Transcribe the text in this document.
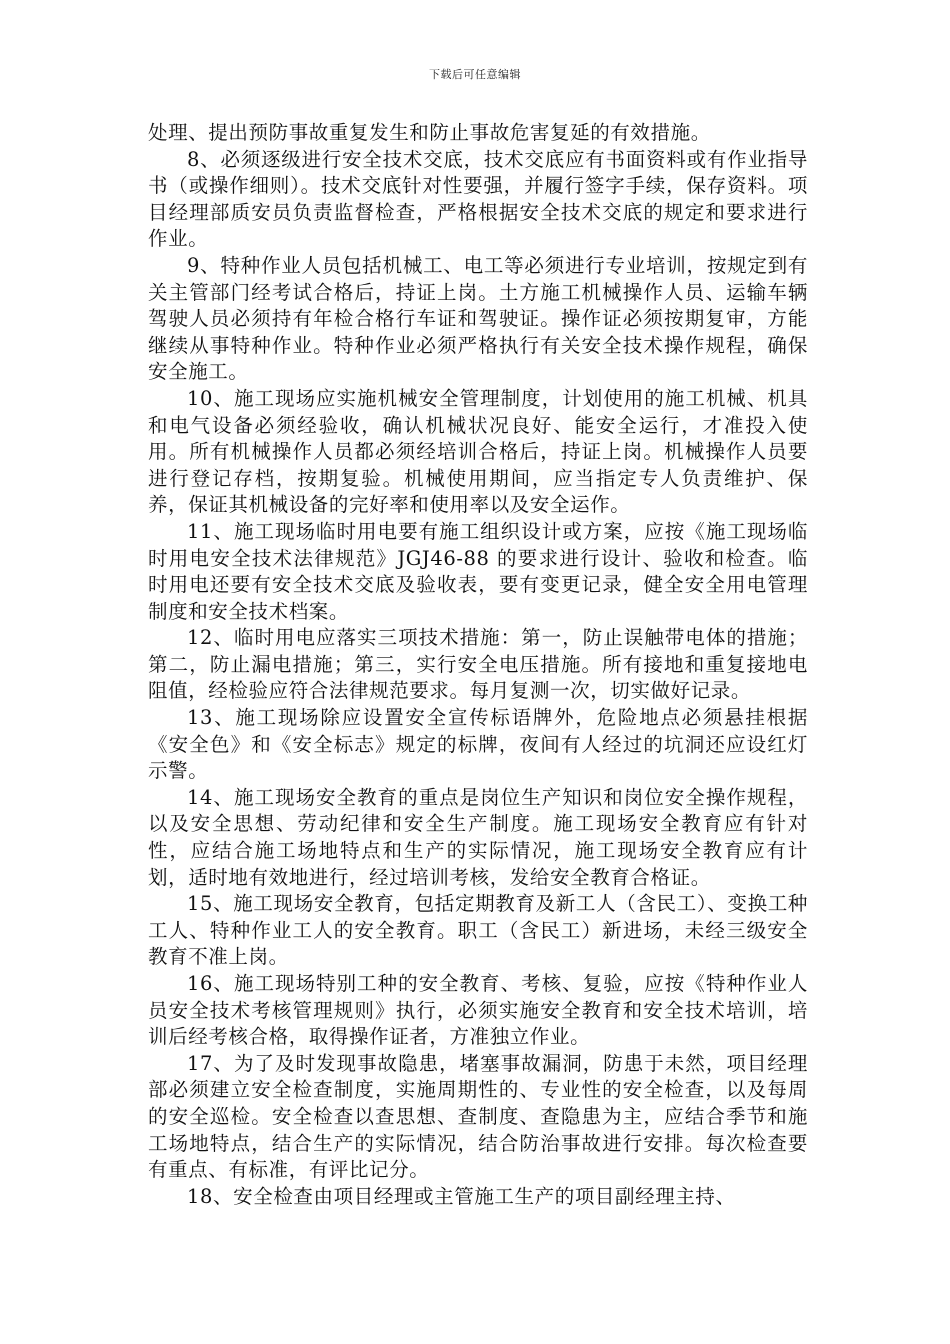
下载后可任意编辑

处理、提出预防事故重复发生和防止事故危害复延的有效措施。

8、必须逐级进行安全技术交底，技术交底应有书面资料或有作业指导书（或操作细则）。技术交底针对性要强，并履行签字手续，保存资料。项目经理部质安员负责监督检查，严格根据安全技术交底的规定和要求进行作业。

9、特种作业人员包括机械工、电工等必须进行专业培训，按规定到有关主管部门经考试合格后，持证上岗。土方施工机械操作人员、运输车辆驾驶人员必须持有年检合格行车证和驾驶证。操作证必须按期复审，方能继续从事特种作业。特种作业必须严格执行有关安全技术操作规程，确保安全施工。

10、施工现场应实施机械安全管理制度，计划使用的施工机械、机具和电气设备必须经验收，确认机械状况良好、能安全运行，才准投入使用。所有机械操作人员都必须经培训合格后，持证上岗。机械操作人员要进行登记存档，按期复验。机械使用期间，应当指定专人负责维护、保养，保证其机械设备的完好率和使用率以及安全运作。

11、施工现场临时用电要有施工组织设计或方案，应按《施工现场临时用电安全技术法律规范》JGJ46-88 的要求进行设计、验收和检查。临时用电还要有安全技术交底及验收表，要有变更记录，健全安全用电管理制度和安全技术档案。

12、临时用电应落实三项技术措施：第一，防止误触带电体的措施；第二，防止漏电措施；第三，实行安全电压措施。所有接地和重复接地电阻值，经检验应符合法律规范要求。每月复测一次，切实做好记录。

13、施工现场除应设置安全宣传标语牌外，危险地点必须悬挂根据《安全色》和《安全标志》规定的标牌，夜间有人经过的坑洞还应设红灯示警。

14、施工现场安全教育的重点是岗位生产知识和岗位安全操作规程，以及安全思想、劳动纪律和安全生产制度。施工现场安全教育应有针对性，应结合施工场地特点和生产的实际情况，施工现场安全教育应有计划，适时地有效地进行，经过培训考核，发给安全教育合格证。

15、施工现场安全教育，包括定期教育及新工人（含民工）、变换工种工人、特种作业工人的安全教育。职工（含民工）新进场，未经三级安全教育不准上岗。

16、施工现场特别工种的安全教育、考核、复验，应按《特种作业人员安全技术考核管理规则》执行，必须实施安全教育和安全技术培训，培训后经考核合格，取得操作证者，方准独立作业。

17、为了及时发现事故隐患，堵塞事故漏洞，防患于未然，项目经理部必须建立安全检查制度，实施周期性的、专业性的安全检查，以及每周的安全巡检。安全检查以查思想、查制度、查隐患为主，应结合季节和施工场地特点，结合生产的实际情况，结合防治事故进行安排。每次检查要有重点、有标准，有评比记分。

18、安全检查由项目经理或主管施工生产的项目副经理主持、
